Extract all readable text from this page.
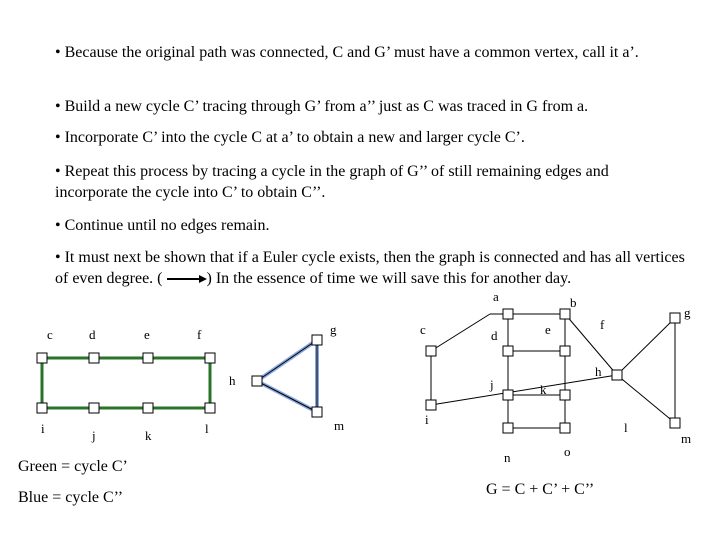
• Because the original path was connected, C and G’ must have a common vertex, call it a’.

• Build a new cycle C’ tracing through G’ from a’’ just as C was traced in G from a.

• Incorporate C’ into the cycle C at a’ to obtain a new and larger cycle C’.

• Repeat this process by tracing a cycle in the graph of G’’ of still remaining edges and incorporate the cycle into C’ to obtain C’’.

• Continue until no edges remain.

• It must next be shown that if a Euler cycle exists, then the graph is connected and has all vertices of even degree. (	) In the essence of time we will save this for another day.

c	d	e	f	g
h
i	j	k	l	m
a	b
c	d	e	f
g
h
i
j	k
l
m
n	o
Green = cycle C’
Blue = cycle C’’	G = C + C’ + C’’
